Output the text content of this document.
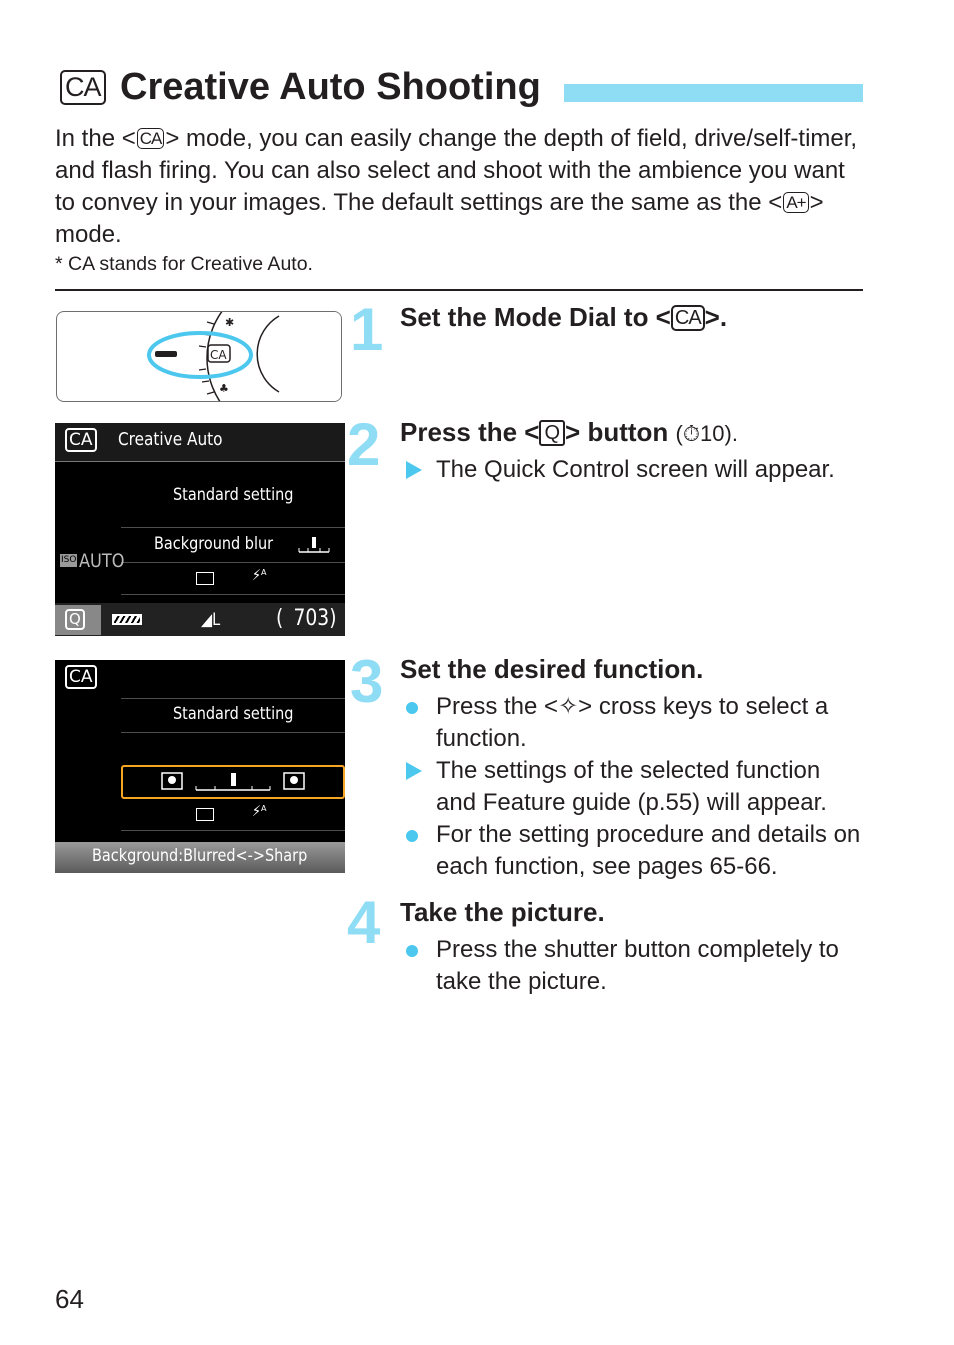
CA Creative Auto Shooting
In the < CA > mode, you can easily change the depth of field, drive/self-timer, and flash firing. You can also select and shoot with the ambience you want to convey in your images. The default settings are the same as the < A+ > mode.
* CA stands for Creative Auto.
✱
♣
CA 1 Set the Mode Dial to < CA >.
CA Creative Auto
Standard setting
Background blur
ISO AUTO
⚡ᴬ
Q	◢L	( 703)
2 Press the < Q > button (⏱10).
The Quick Control screen will appear.
CA
Standard setting
⚡ᴬ
Background:Blurred<->Sharp
3 Set the desired function.
Press the <✧> cross keys to select a function.
The settings of the selected function and Feature guide (p.55) will appear.
For the setting procedure and details on each function, see pages 65-66.
4 Take the picture.
Press the shutter button completely to take the picture.
64
